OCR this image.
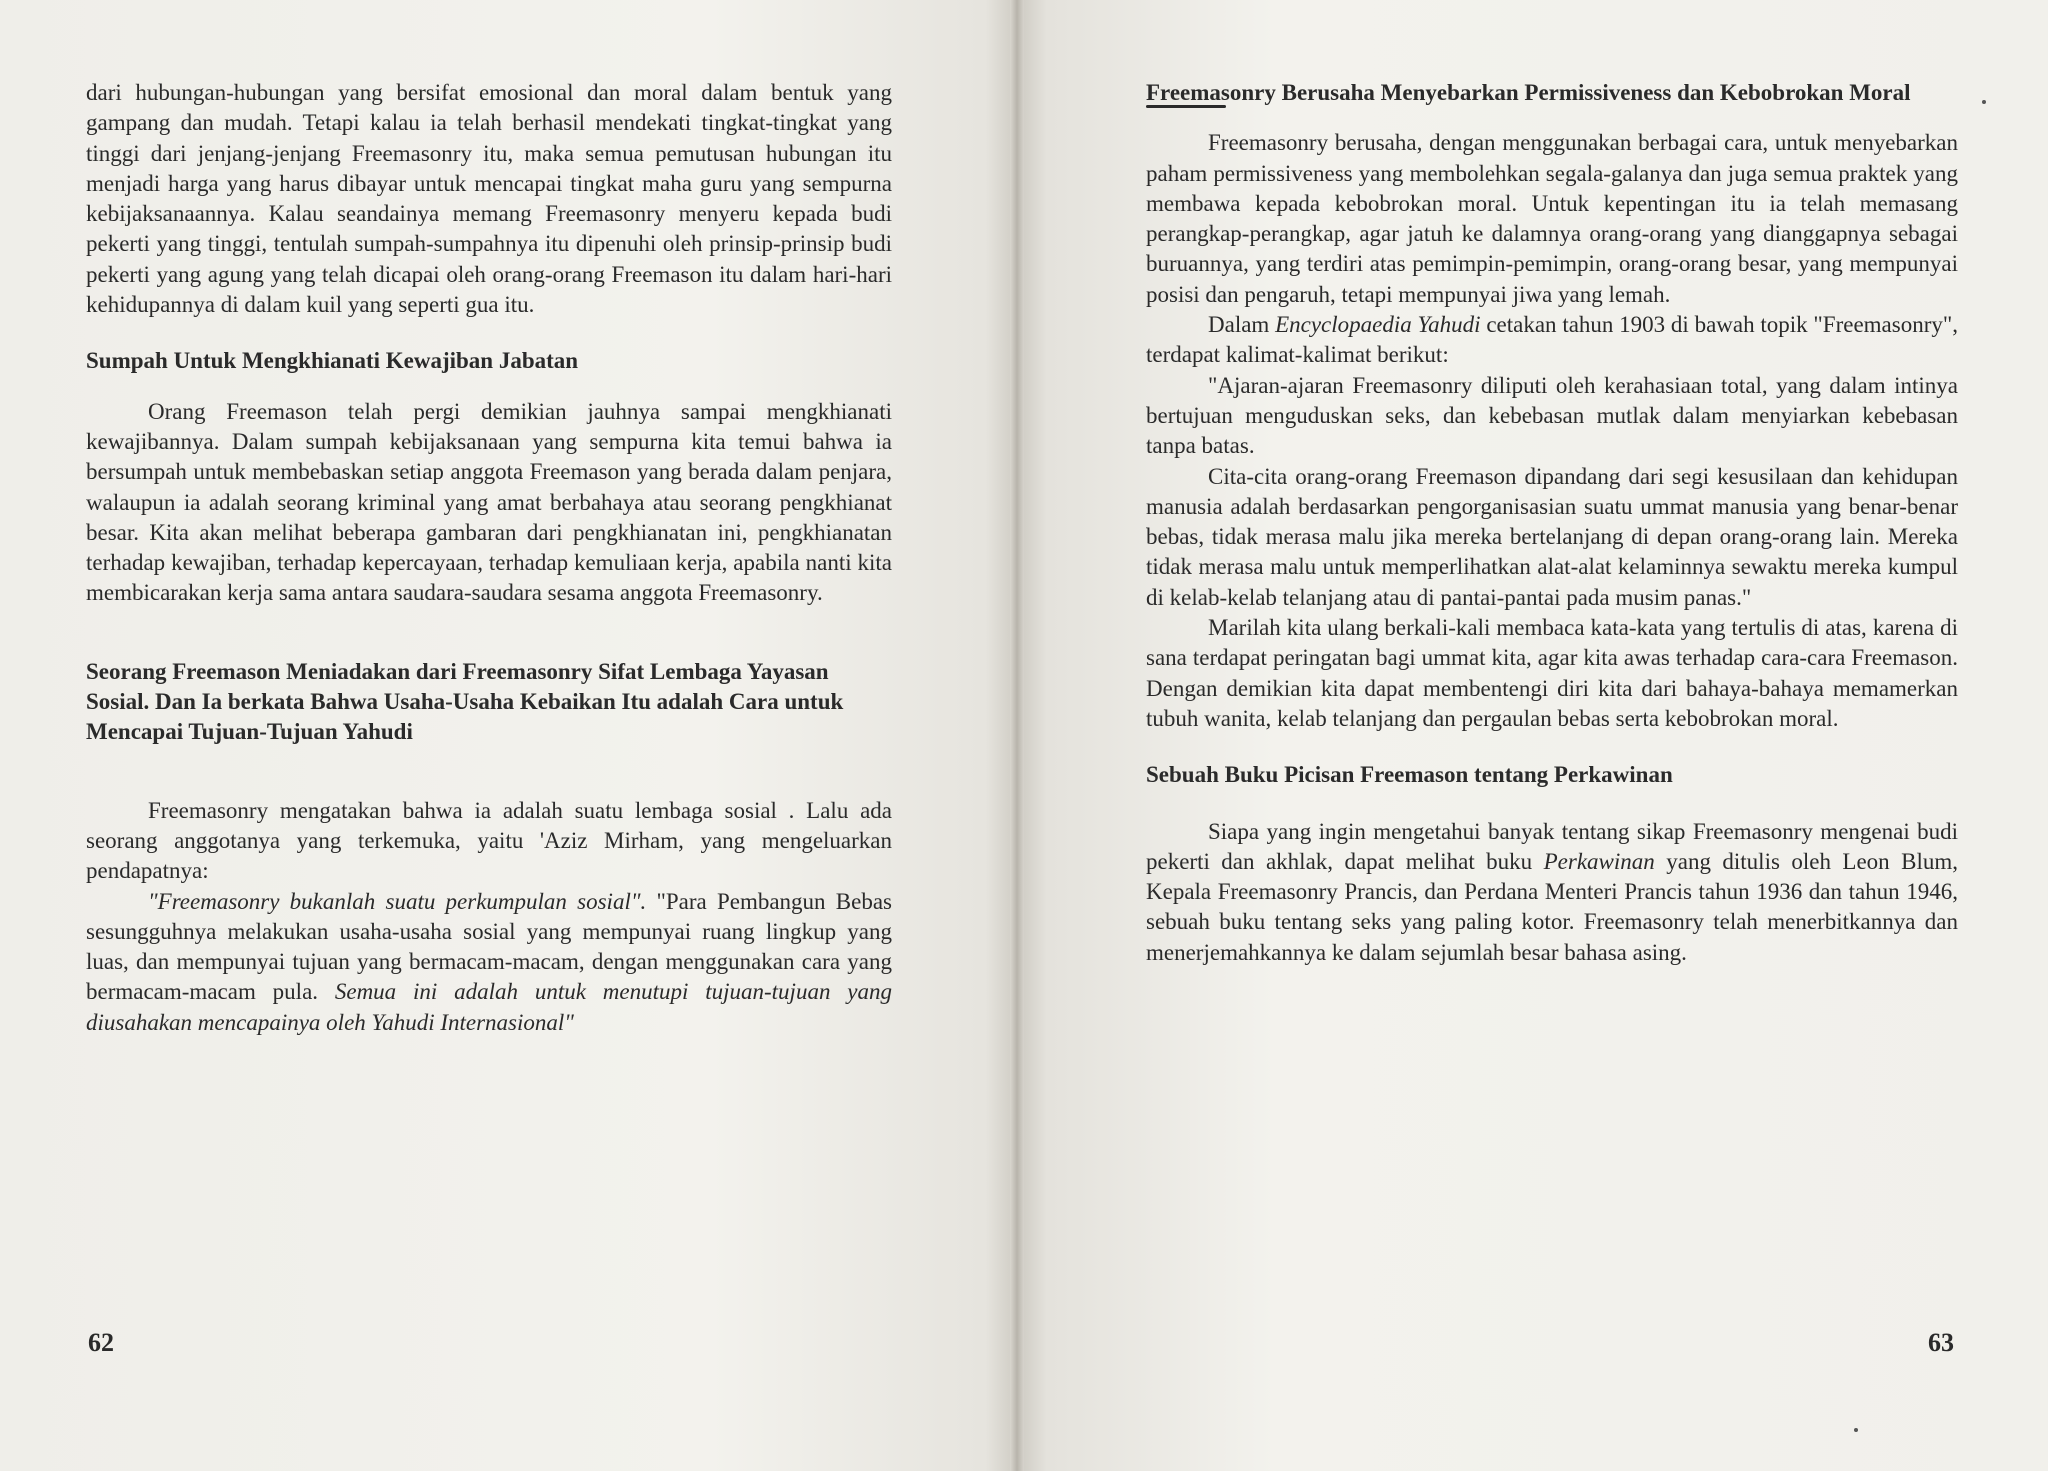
dari hubungan-hubungan yang bersifat emosional dan moral dalam bentuk yang gampang dan mudah. Tetapi kalau ia telah berhasil mendekati tingkat-tingkat yang tinggi dari jenjang-jenjang Freemasonry itu, maka semua pemutusan hubungan itu menjadi harga yang harus dibayar untuk mencapai tingkat maha guru yang sempurna kebijaksanaannya. Kalau seandainya memang Freemasonry menyeru kepada budi pekerti yang tinggi, tentulah sumpah-sumpahnya itu dipenuhi oleh prinsip-prinsip budi pekerti yang agung yang telah dicapai oleh orang-orang Freemason itu dalam hari-hari kehidupannya di dalam kuil yang seperti gua itu.

Sumpah Untuk Mengkhianati Kewajiban Jabatan

Orang Freemason telah pergi demikian jauhnya sampai mengkhianati kewajibannya. Dalam sumpah kebijaksanaan yang sempurna kita temui bahwa ia bersumpah untuk membebaskan setiap anggota Freemason yang berada dalam penjara, walaupun ia adalah seorang kriminal yang amat berbahaya atau seorang pengkhianat besar. Kita akan melihat beberapa gambaran dari pengkhianatan ini, pengkhianatan terhadap kewajiban, terhadap kepercayaan, terhadap kemuliaan kerja, apabila nanti kita membicarakan kerja sama antara saudara-saudara sesama anggota Freemasonry.

Seorang Freemason Meniadakan dari Freemasonry Sifat Lembaga Yayasan Sosial. Dan Ia berkata Bahwa Usaha-Usaha Kebaikan Itu adalah Cara untuk Mencapai Tujuan-Tujuan Yahudi

Freemasonry mengatakan bahwa ia adalah suatu lembaga sosial . Lalu ada seorang anggotanya yang terkemuka, yaitu 'Aziz Mirham, yang mengeluarkan pendapatnya:

"Freemasonry bukanlah suatu perkumpulan sosial". "Para Pembangun Bebas sesungguhnya melakukan usaha-usaha sosial yang mempunyai ruang lingkup yang luas, dan mempunyai tujuan yang bermacam-macam, dengan menggunakan cara yang bermacam-macam pula. Semua ini adalah untuk menutupi tujuan-tujuan yang diusahakan mencapainya oleh Yahudi Internasional"

62
Freemasonry Berusaha Menyebarkan Permissiveness dan Kebobrokan Moral

Freemasonry berusaha, dengan menggunakan berbagai cara, untuk menyebarkan paham permissiveness yang membolehkan segala-galanya dan juga semua praktek yang membawa kepada kebobrokan moral. Untuk kepentingan itu ia telah memasang perangkap-perangkap, agar jatuh ke dalamnya orang-orang yang dianggapnya sebagai buruannya, yang terdiri atas pemimpin-pemimpin, orang-orang besar, yang mempunyai posisi dan pengaruh, tetapi mempunyai jiwa yang lemah.

Dalam Encyclopaedia Yahudi cetakan tahun 1903 di bawah topik "Freemasonry", terdapat kalimat-kalimat berikut:

"Ajaran-ajaran Freemasonry diliputi oleh kerahasiaan total, yang dalam intinya bertujuan menguduskan seks, dan kebebasan mutlak dalam menyiarkan kebebasan tanpa batas.

Cita-cita orang-orang Freemason dipandang dari segi kesusilaan dan kehidupan manusia adalah berdasarkan pengorganisasian suatu ummat manusia yang benar-benar bebas, tidak merasa malu jika mereka bertelanjang di depan orang-orang lain. Mereka tidak merasa malu untuk memperlihatkan alat-alat kelaminnya sewaktu mereka kumpul di kelab-kelab telanjang atau di pantai-pantai pada musim panas."

Marilah kita ulang berkali-kali membaca kata-kata yang tertulis di atas, karena di sana terdapat peringatan bagi ummat kita, agar kita awas terhadap cara-cara Freemason. Dengan demikian kita dapat membentengi diri kita dari bahaya-bahaya memamerkan tubuh wanita, kelab telanjang dan pergaulan bebas serta kebobrokan moral.

Sebuah Buku Picisan Freemason tentang Perkawinan

Siapa yang ingin mengetahui banyak tentang sikap Freemasonry mengenai budi pekerti dan akhlak, dapat melihat buku Perkawinan yang ditulis oleh Leon Blum, Kepala Freemasonry Prancis, dan Perdana Menteri Prancis tahun 1936 dan tahun 1946, sebuah buku tentang seks yang paling kotor. Freemasonry telah menerbitkannya dan menerjemahkannya ke dalam sejumlah besar bahasa asing.

63
